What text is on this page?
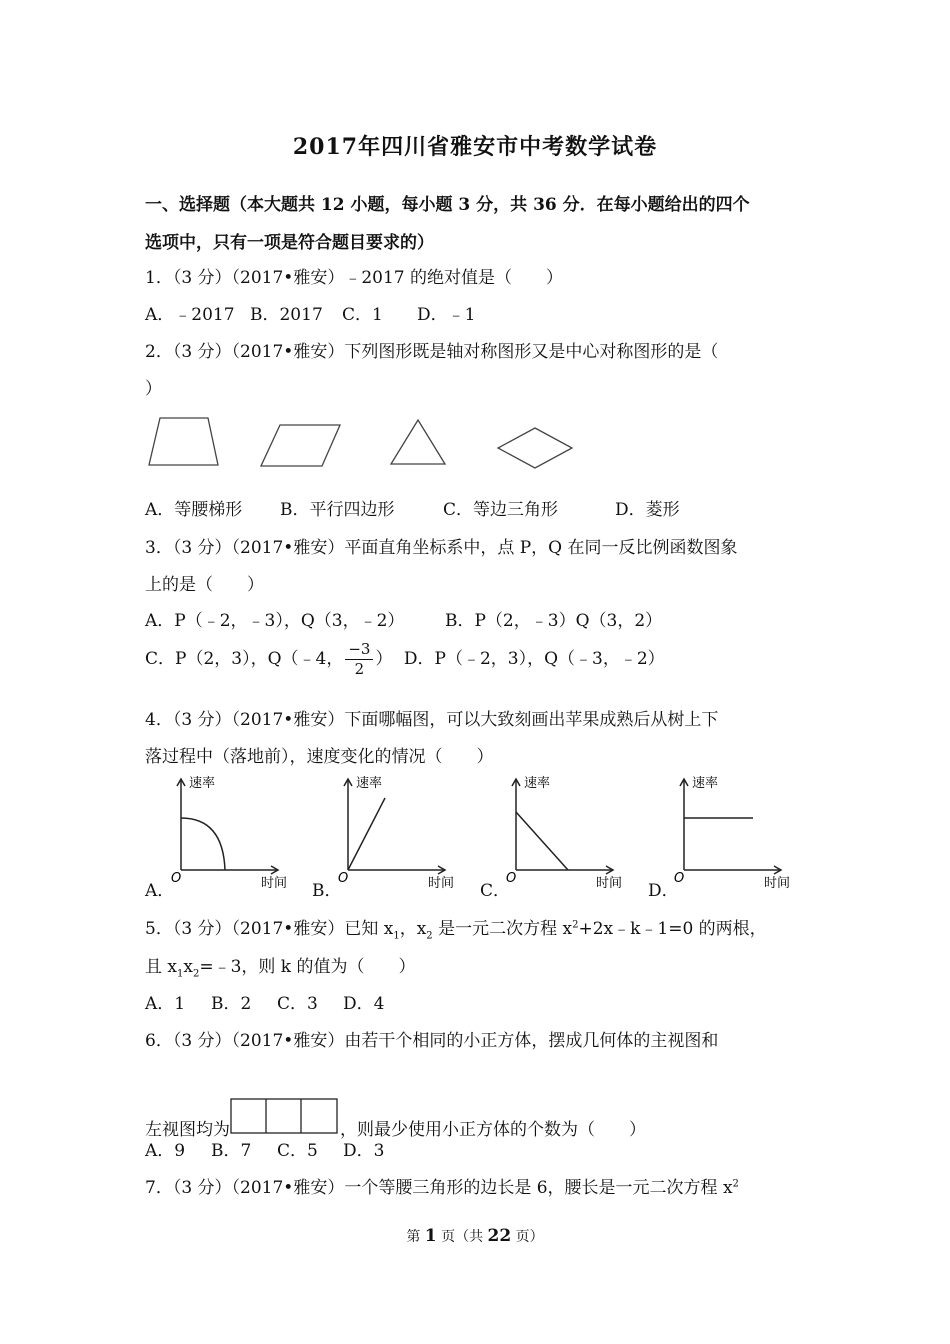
2017年四川省雅安市中考数学试卷
一、选择题（本大题共 12 小题，每小题 3 分，共 36 分．在每小题给出的四个
选项中，只有一项是符合题目要求的）
1．（3 分）（2017•雅安）﹣2017 的绝对值是（　　）
A．﹣2017 B．2017 C．1 D．﹣1
2．（3 分）（2017•雅安）下列图形既是轴对称图形又是中心对称图形的是（
）
A．等腰梯形 B．平行四边形	C．等边三角形	D．菱形
3．（3 分）（2017•雅安）平面直角坐标系中，点 P，Q 在同一反比例函数图象
上的是（　　）
A．P（﹣2，﹣3），Q（3，﹣2） B．P（2，﹣3）Q（3，2）
C．P（2，3），Q（﹣4， $\frac{-3}{2}$ ） D．P（﹣2，3），Q（﹣3，﹣2）
4．（3 分）（2017•雅安）下面哪幅图，可以大致刻画出苹果成熟后从树上下
落过程中（落地前），速度变化的情况（　　）
A．
速率
O	时间 B．
速率
O	时间 C．
速率
O	时间 D．
速率
O	时间
5．（3 分）（2017•雅安）已知 $x_1$，$x_2$ 是一元二次方程 $x^2+2x﹣k﹣1=0$ 的两根，
且 $x_1x_2=﹣3$，则 k 的值为（　　）
A．1 B．2 C．3 D．4
6．（3 分）（2017•雅安）由若干个相同的小正方体，摆成几何体的主视图和
左视图均为	，则最少使用小正方体的个数为（　　）
A．9 B．7 C．5 D．3
7．（3 分）（2017•雅安）一个等腰三角形的边长是 6，腰长是一元二次方程 $x^2$
第 1 页（共 22 页）
